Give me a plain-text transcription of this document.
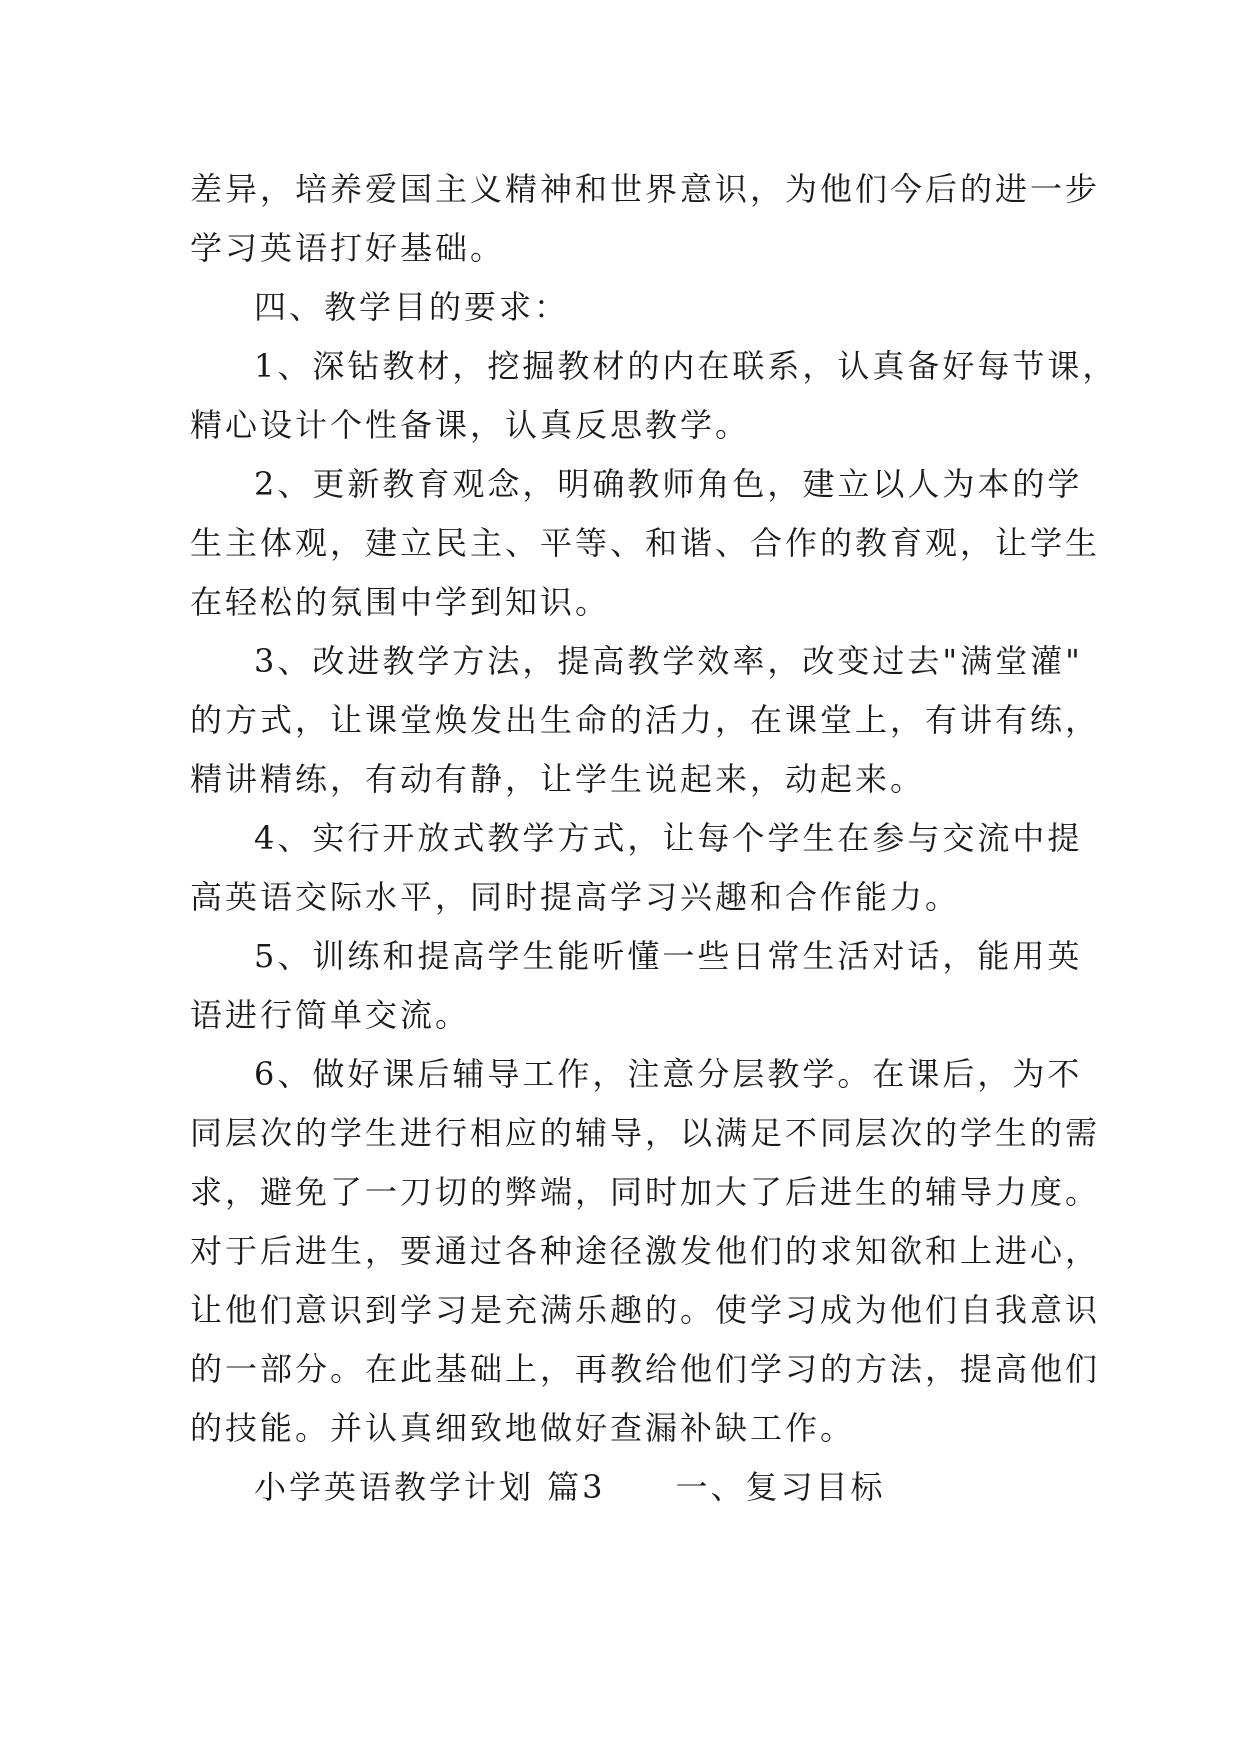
差异，培养爱国主义精神和世界意识，为他们今后的进一步
学习英语打好基础。
四、教学目的要求：
1、深钻教材，挖掘教材的内在联系，认真备好每节课，
精心设计个性备课，认真反思教学。
2、更新教育观念，明确教师角色，建立以人为本的学
生主体观，建立民主、平等、和谐、合作的教育观，让学生
在轻松的氛围中学到知识。
3、改进教学方法，提高教学效率，改变过去"满堂灌"
的方式，让课堂焕发出生命的活力，在课堂上，有讲有练，
精讲精练，有动有静，让学生说起来，动起来。
4、实行开放式教学方式，让每个学生在参与交流中提
高英语交际水平，同时提高学习兴趣和合作能力。
5、训练和提高学生能听懂一些日常生活对话，能用英
语进行简单交流。
6、做好课后辅导工作，注意分层教学。在课后，为不
同层次的学生进行相应的辅导，以满足不同层次的学生的需
求，避免了一刀切的弊端，同时加大了后进生的辅导力度。
对于后进生，要通过各种途径激发他们的求知欲和上进心，
让他们意识到学习是充满乐趣的。使学习成为他们自我意识
的一部分。在此基础上，再教给他们学习的方法，提高他们
的技能。并认真细致地做好查漏补缺工作。
小学英语教学计划 篇3 一、复习目标
